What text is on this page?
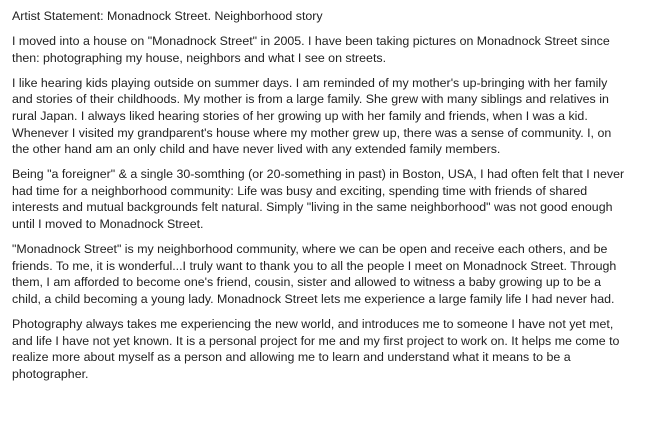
Artist Statement: Monadnock Street. Neighborhood story

I moved into a house on "Monadnock Street" in 2005. I have been taking pictures on Monadnock Street since
then: photographing my house, neighbors and what I see on streets.

I like hearing kids playing outside on summer days. I am reminded of my mother's up-bringing with her family
and stories of their childhoods. My mother is from a large family. She grew with many siblings and relatives in
rural Japan. I always liked hearing stories of her growing up with her family and friends, when I was a kid.
Whenever I visited my grandparent's house where my mother grew up, there was a sense of community. I, on
the other hand am an only child and have never lived with any extended family members.

Being "a foreigner" & a single 30-somthing (or 20-something in past) in Boston, USA, I had often felt that I never
had time for a neighborhood community: Life was busy and exciting, spending time with friends of shared
interests and mutual backgrounds felt natural. Simply "living in the same neighborhood" was not good enough
until I moved to Monadnock Street.

"Monadnock Street" is my neighborhood community, where we can be open and receive each others, and be
friends. To me, it is wonderful...I truly want to thank you to all the people I meet on Monadnock Street. Through
them, I am afforded to become one's friend, cousin, sister and allowed to witness a baby growing up to be a
child, a child becoming a young lady. Monadnock Street lets me experience a large family life I had never had.

Photography always takes me experiencing the new world, and introduces me to someone I have not yet met,
and life I have not yet known. It is a personal project for me and my first project to work on. It helps me come to
realize more about myself as a person and allowing me to learn and understand what it means to be a
photographer.
